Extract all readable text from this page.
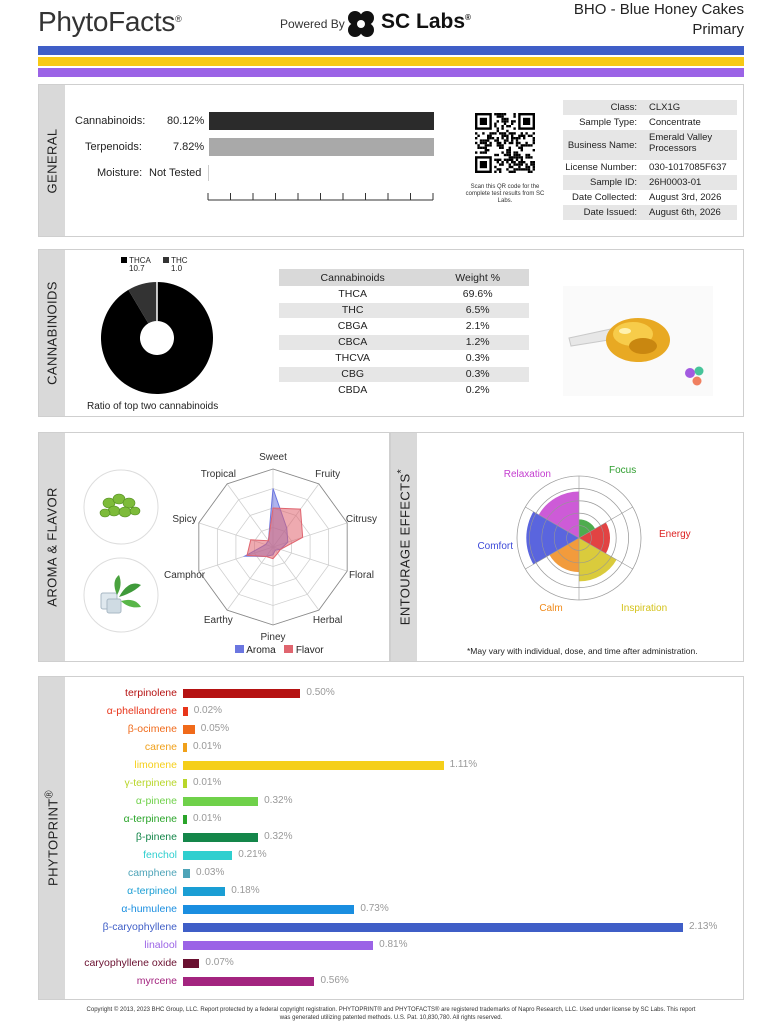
PhytoFacts®	Powered By SC Labs®	BHO - Blue Honey Cakes
Primary
GENERAL
Cannabinoids: 80.12%
Terpenoids:	7.82%
Moisture: Not Tested
Scan this QR code for the complete test results from SC Labs.
Class: CLX1G
Sample Type: Concentrate
Business Name:
Emerald Valley Processors
License Number: 030-1017085F637
Sample ID: 26H0003-01
Date Collected: August 3rd, 2026
Date Issued: August 6th, 2026
CANNABINOIDS
THCA
10.7
THC
1.0
Ratio of top two cannabinoids
Cannabinoids	Weight %
THCA	69.6%
THC	6.5%
CBGA	2.1%
CBCA	1.2%
THCVA	0.3%
CBG	0.3%
CBDA	0.2%
AROMA & FLAVOR
Sweet
Fruity
Citrusy
Floral
Herbal
Piney
Earthy
Camphor
Spicy
Tropical
Aroma Flavor
ENTOURAGE EFFECTS*	Focus
Energy
Inspiration
Calm
Comfort
Relaxation
*May vary with individual, dose, and time after administration.
PHYTOPRINT®
terpinolene	0.50%
α-phellandrene 0.02%
β-ocimene 0.05%
carene 0.01%
limonene	1.11%
γ-terpinene 0.01%
α-pinene	0.32%
α-terpinene 0.01%
β-pinene	0.32%
fenchol	0.21%
camphene 0.03%
α-terpineol	0.18%
α-humulene	0.73%
β-caryophyllene	2.13%
linalool	0.81%
caryophyllene oxide	0.07%
myrcene	0.56%
Copyright © 2013, 2023 BHC Group, LLC. Report protected by a federal copyright registration. PHYTOPRINT® and PHYTOFACTS® are registered trademarks of Napro Research, LLC. Used under license by SC Labs. This report
was generated utilizing patented methods. U.S. Pat. 10,830,780. All rights reserved.
